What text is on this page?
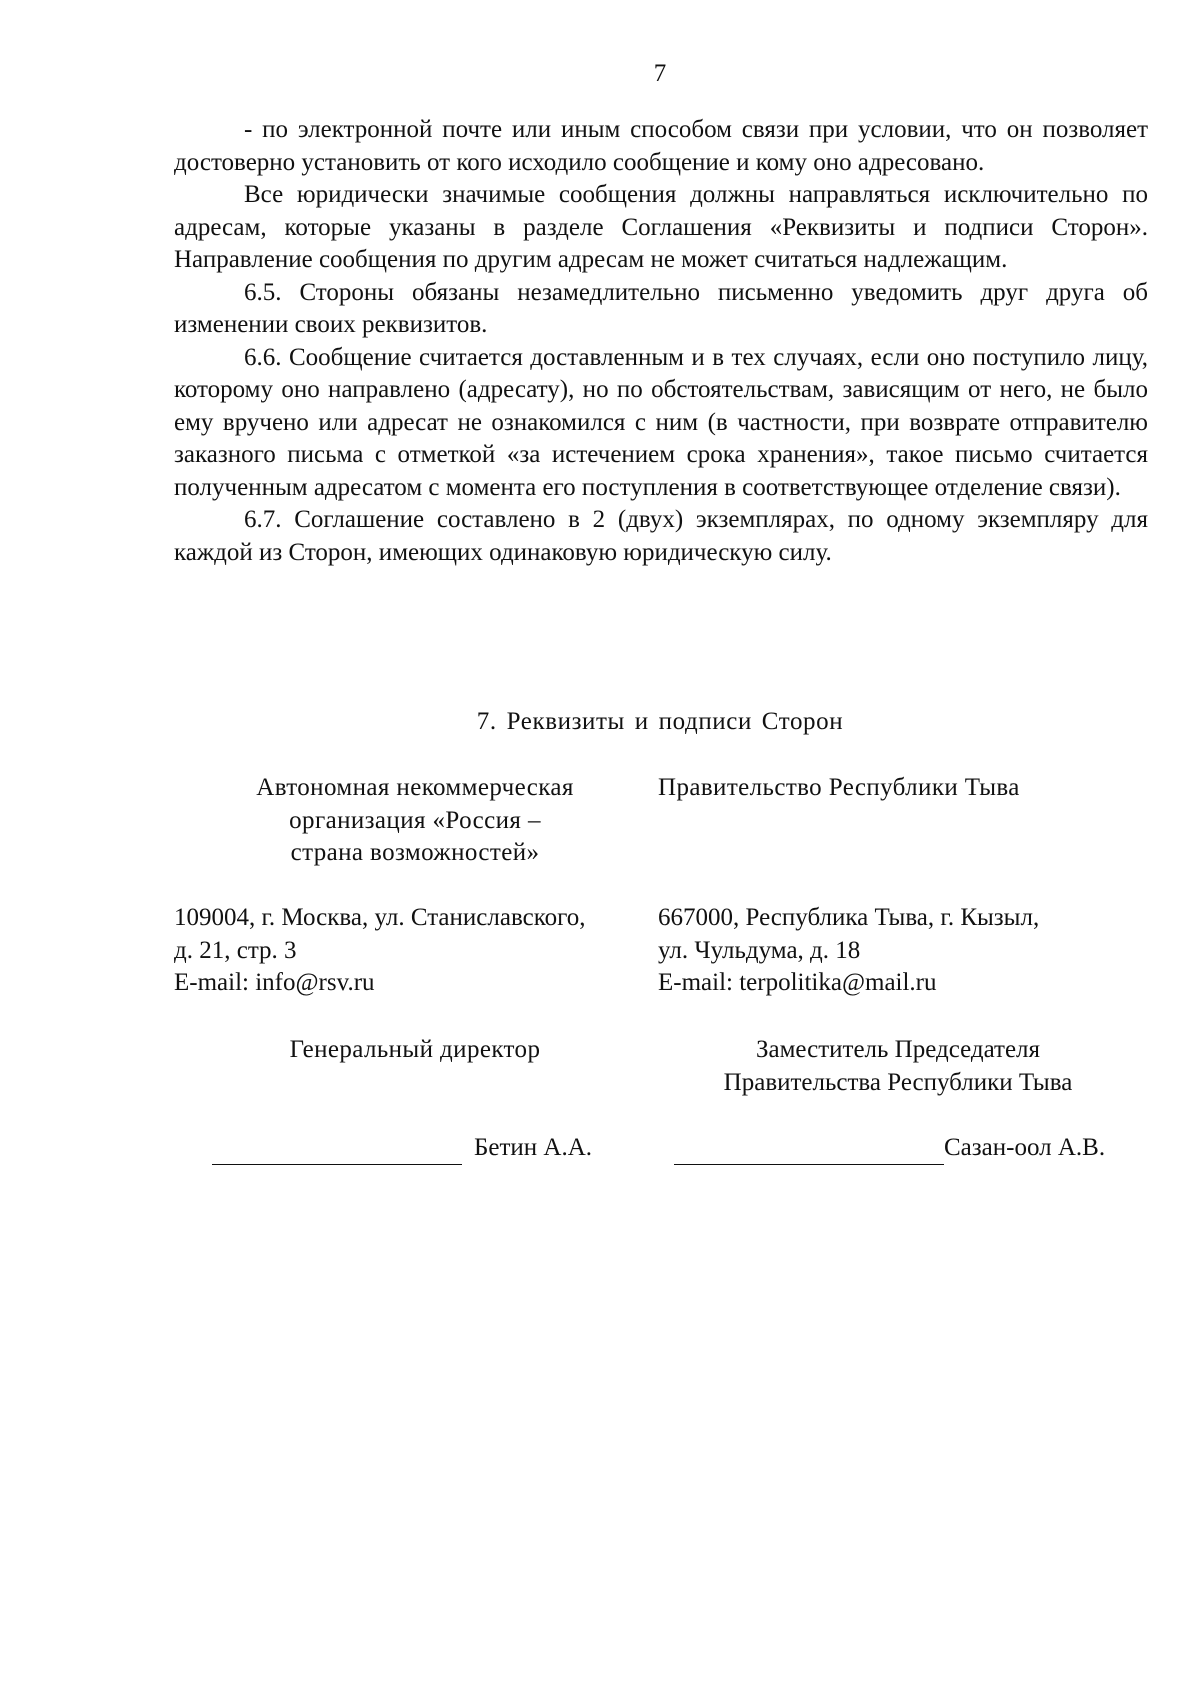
7

- по электронной почте или иным способом связи при условии, что он позволяет достоверно установить от кого исходило сообщение и кому оно адресовано.

Все юридически значимые сообщения должны направляться исключительно по адресам, которые указаны в разделе Соглашения «Реквизиты и подписи Сторон». Направление сообщения по другим адресам не может считаться надлежащим.

6.5. Стороны обязаны незамедлительно письменно уведомить друг друга об изменении своих реквизитов.

6.6. Сообщение считается доставленным и в тех случаях, если оно поступило лицу, которому оно направлено (адресату), но по обстоятельствам, зависящим от него, не было ему вручено или адресат не ознакомился с ним (в частности, при возврате отправителю заказного письма с отметкой «за истечением срока хранения», такое письмо считается полученным адресатом с момента его поступления в соответствующее отделение связи).

6.7. Соглашение составлено в 2 (двух) экземплярах, по одному экземпляру для каждой из Сторон, имеющих одинаковую юридическую силу.

7. Реквизиты и подписи Сторон
Автономная некоммерческая
организация «Россия –
страна возможностей»
Правительство Республики Тыва
109004, г. Москва, ул. Станиславского,
д. 21, стр. 3
E-mail: info@rsv.ru
667000, Республика Тыва, г. Кызыл,
ул. Чульдума, д. 18
E-mail: terpolitika@mail.ru
Генеральный директор	Заместитель Председателя
Правительства Республики Тыва
Бетин А.А.	Сазан-оол А.В.
